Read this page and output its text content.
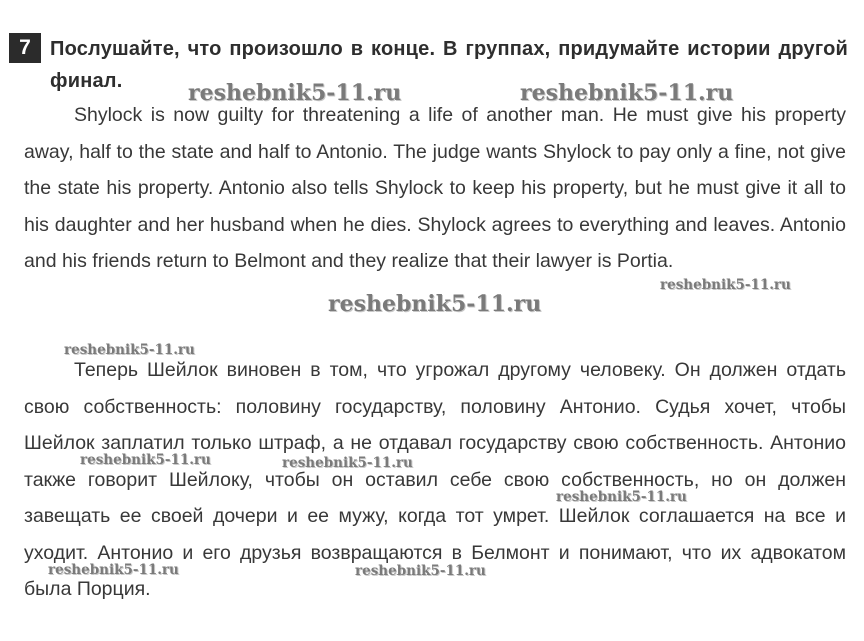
7 Послушайте, что произошло в конце. В группах, придумайте истории другой финал.
Shylock is now guilty for threatening a life of another man. He must give his property away, half to the state and half to Antonio. The judge wants Shylock to pay only a fine, not give the state his property. Antonio also tells Shylock to keep his property, but he must give it all to his daughter and her husband when he dies. Shylock agrees to everything and leaves. Antonio and his friends return to Belmont and they realize that their lawyer is Portia.
Теперь Шейлок виновен в том, что угрожал другому человеку. Он должен отдать свою собственность: половину государству, половину Антонио. Судья хочет, чтобы Шейлок заплатил только штраф, а не отдавал государству свою собственность. Антонио также говорит Шейлоку, чтобы он оставил себе свою собственность, но он должен завещать ее своей дочери и ее мужу, когда тот умрет. Шейлок соглашается на все и уходит. Антонио и его друзья возвращаются в Белмонт и понимают, что их адвокатом была Порция.
reshebnik5-11.ru	reshebnik5-11.ru
reshebnik5-11.ru
reshebnik5-11.ru
reshebnik5-11.ru
reshebnik5-11.ru	reshebnik5-11.ru
reshebnik5-11.ru
reshebnik5-11.ru	reshebnik5-11.ru
